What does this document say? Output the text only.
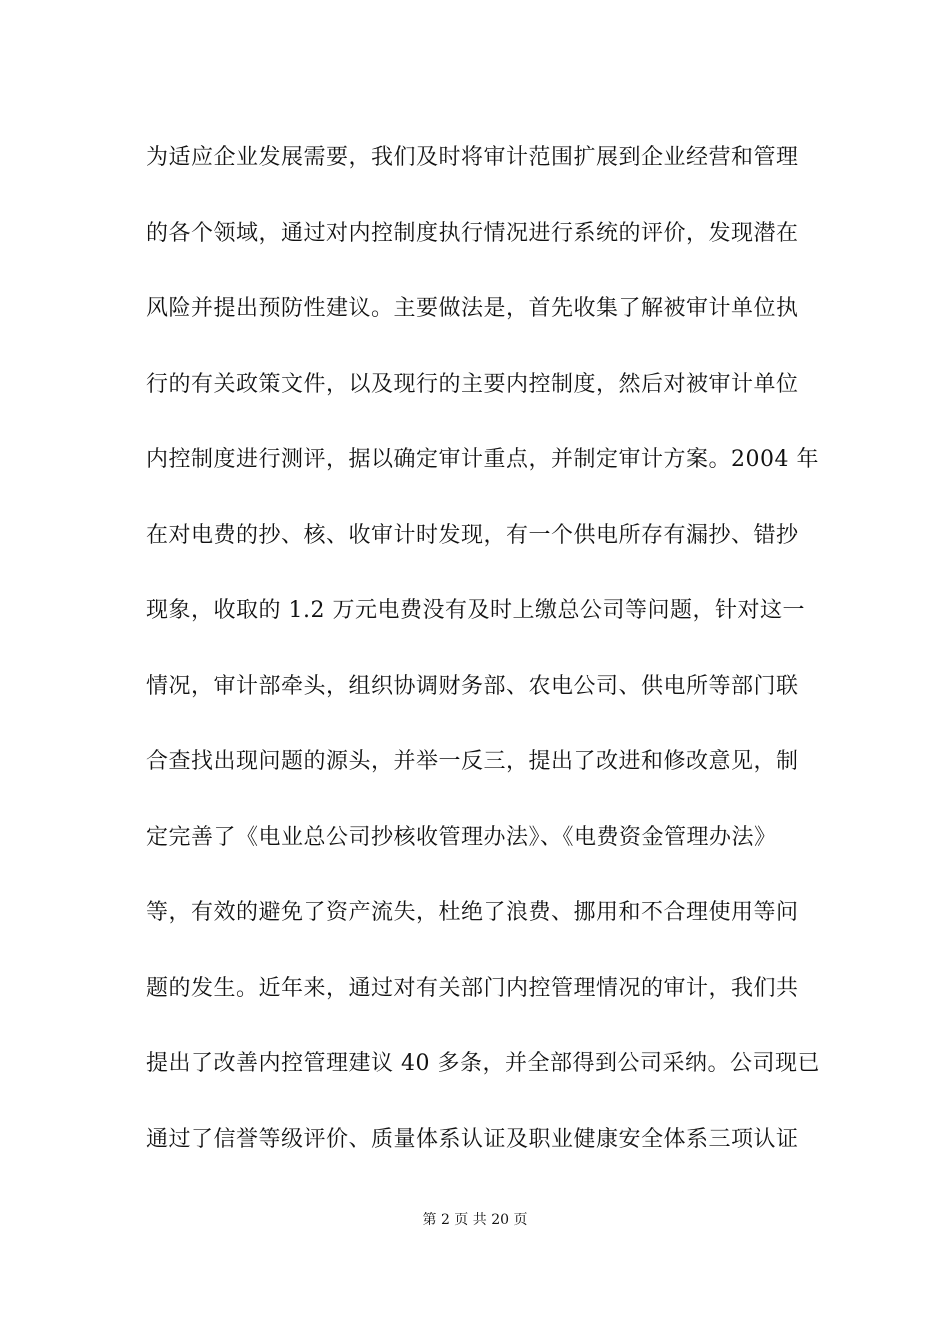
为适应企业发展需要，我们及时将审计范围扩展到企业经营和管理
的各个领域，通过对内控制度执行情况进行系统的评价，发现潜在
风险并提出预防性建议。主要做法是，首先收集了解被审计单位执
行的有关政策文件，以及现行的主要内控制度，然后对被审计单位
内控制度进行测评，据以确定审计重点，并制定审计方案。2004 年
在对电费的抄、核、收审计时发现，有一个供电所存有漏抄、错抄
现象，收取的 1.2 万元电费没有及时上缴总公司等问题，针对这一
情况，审计部牵头，组织协调财务部、农电公司、供电所等部门联
合查找出现问题的源头，并举一反三，提出了改进和修改意见，制
定完善了《电业总公司抄核收管理办法》、《电费资金管理办法》
等，有效的避免了资产流失，杜绝了浪费、挪用和不合理使用等问
题的发生。近年来，通过对有关部门内控管理情况的审计，我们共
提出了改善内控管理建议 40 多条，并全部得到公司采纳。公司现已
通过了信誉等级评价、质量体系认证及职业健康安全体系三项认证
第 2 页 共 20 页
